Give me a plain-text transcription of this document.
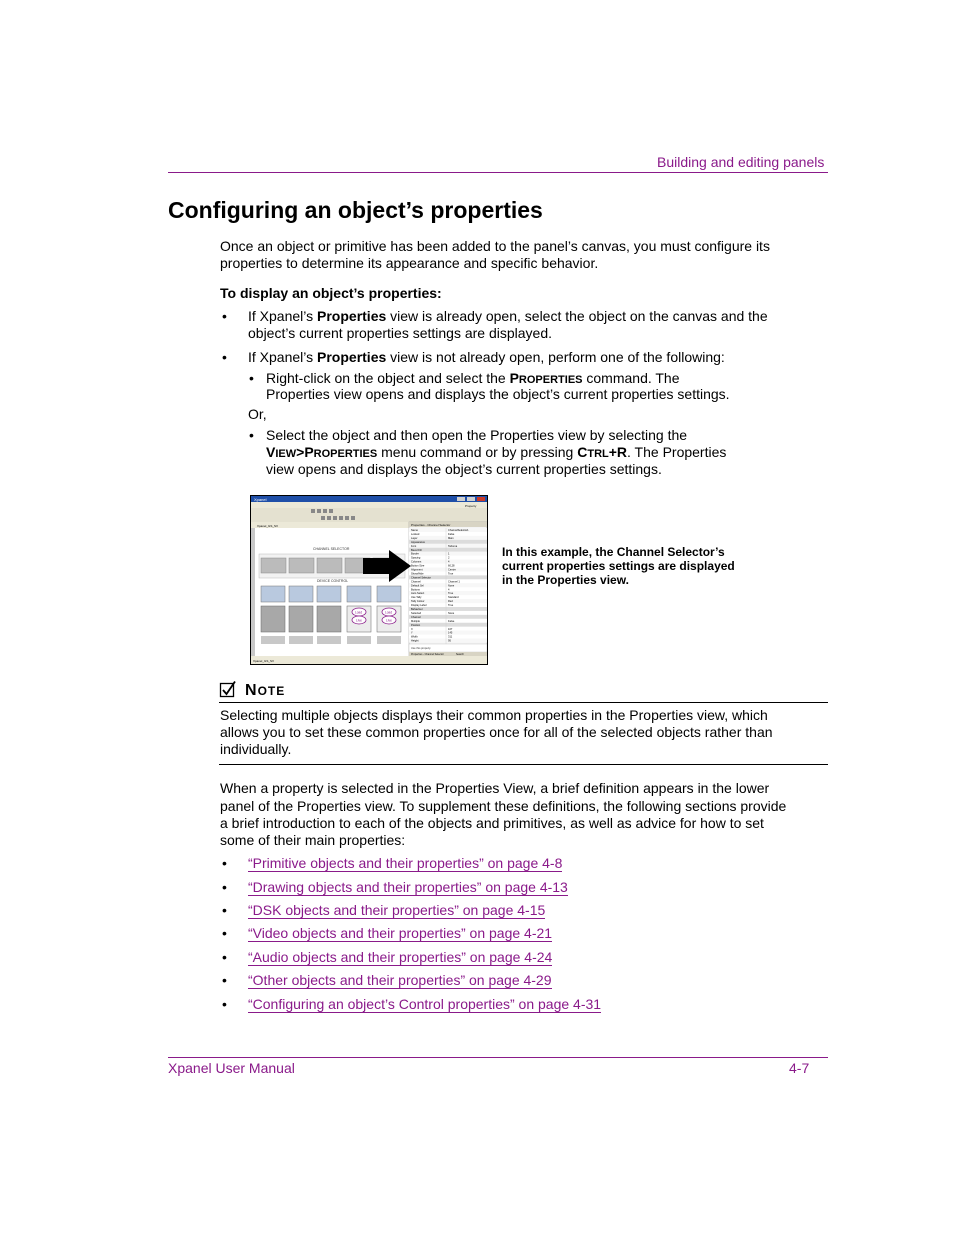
Building and editing panels
Configuring an object’s properties
Once an object or primitive has been added to the panel’s canvas, you must configure its
properties to determine its appearance and specific behavior.
To display an object’s properties:
• If Xpanel’s Properties view is already open, select the object on the canvas and the
object’s current properties settings are displayed.
• If Xpanel’s Properties view is not already open, perform one of the following:
• Right-click on the object and select the PROPERTIES command. The
Properties view opens and displays the object’s current properties settings.
Or,
• Select the object and then open the Properties view by selecting the
VIEW>PROPERTIES menu command or by pressing CTRL+R. The Properties
view opens and displays the object’s current properties settings.
Xpanel
Property
Xpanel_GS_SV
CHANNEL SELECTOR
DEVICE CONTROL
Load
Live
Load
Live
Properties - Channel Selector
Name	ChannelSelector1
Locked	False
Layer	Main
Appearance
Font	Tahoma
Bevel Fill
Border	1
Spacing	2
Columns	4
Button Size	60,28
Alignment	Center
Show/Hide	True
Channel Selector
Channel	Channel 1
Default Sel	None
Buttons	4
Auto Select	True
Use Tally	Standard
Tally Colour	Red
Display Label	True
Behaviour
Selected	None
Channel
Multiple	False
Position
X	107
Y	145
Width	311
Height	95
Use this property
Properties - Channel Selector	Search
Xpanel_GS_SV
In this example, the Channel Selector’s
current properties settings are displayed
in the Properties view.
NOTE
Selecting multiple objects displays their common properties in the Properties view, which
allows you to set these common properties once for all of the selected objects rather than
individually.
When a property is selected in the Properties View, a brief definition appears in the lower
panel of the Properties view. To supplement these definitions, the following sections provide
a brief introduction to each of the objects and primitives, as well as advice for how to set
some of their main properties:
• “Primitive objects and their properties” on page 4-8
• “Drawing objects and their properties” on page 4-13
• “DSK objects and their properties” on page 4-15
• “Video objects and their properties” on page 4-21
• “Audio objects and their properties” on page 4-24
• “Other objects and their properties” on page 4-29
• “Configuring an object’s Control properties” on page 4-31
Xpanel User Manual	4-7
